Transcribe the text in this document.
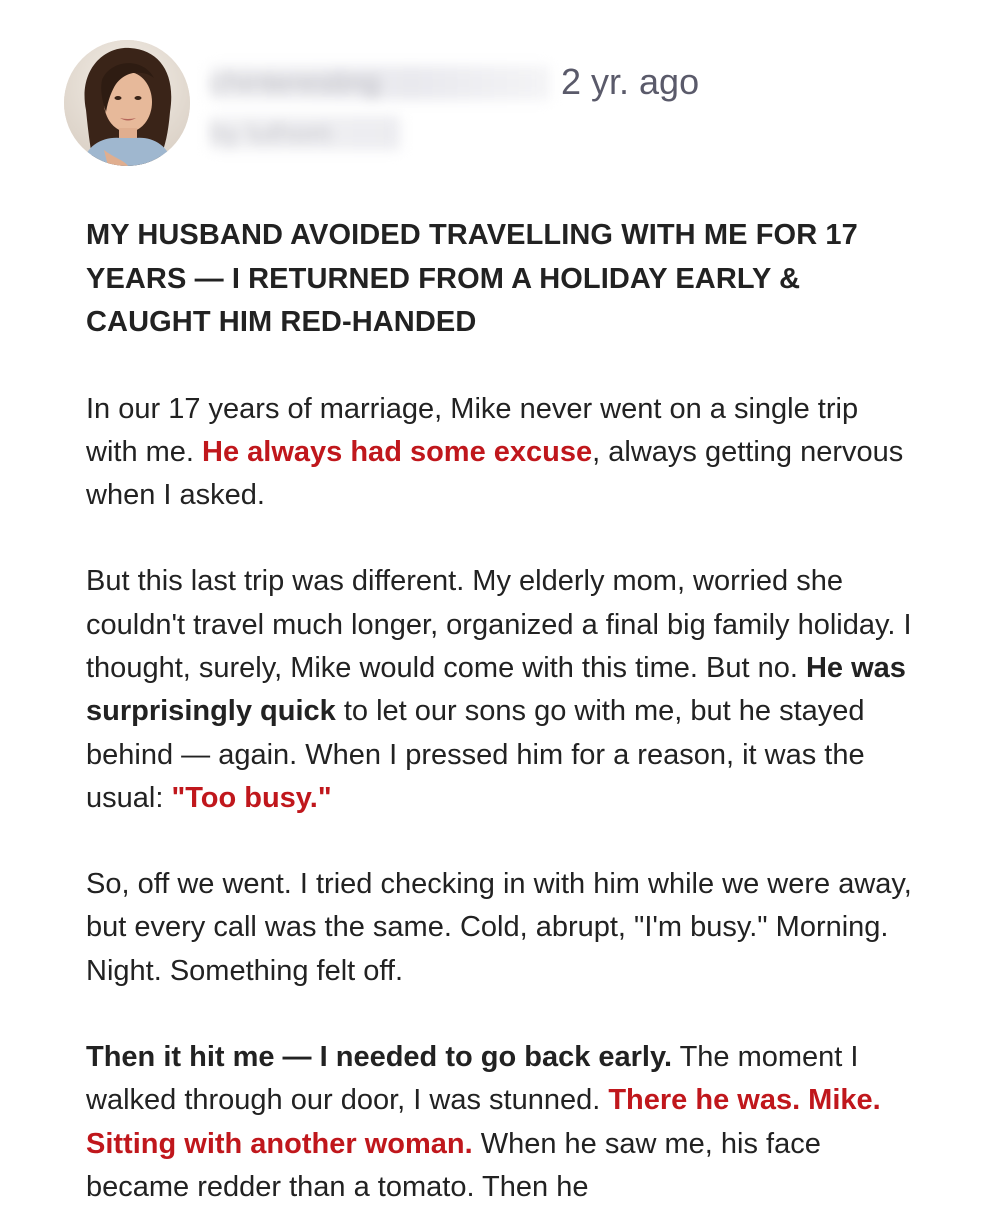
chinteresting
by luthom
2 yr. ago
MY HUSBAND AVOIDED TRAVELLING WITH ME FOR 17 YEARS — I RETURNED FROM A HOLIDAY EARLY & CAUGHT HIM RED-HANDED

In our 17 years of marriage, Mike never went on a single trip with me. He always had some excuse, always getting nervous when I asked.

But this last trip was different. My elderly mom, worried she couldn't travel much longer, organized a final big family holiday. I thought, surely, Mike would come with this time. But no. He was surprisingly quick to let our sons go with me, but he stayed behind — again. When I pressed him for a reason, it was the usual: "Too busy."

So, off we went. I tried checking in with him while we were away, but every call was the same. Cold, abrupt, "I'm busy." Morning. Night. Something felt off.

Then it hit me — I needed to go back early. The moment I walked through our door, I was stunned. There he was. Mike. Sitting with another woman. When he saw me, his face became redder than a tomato. Then he
